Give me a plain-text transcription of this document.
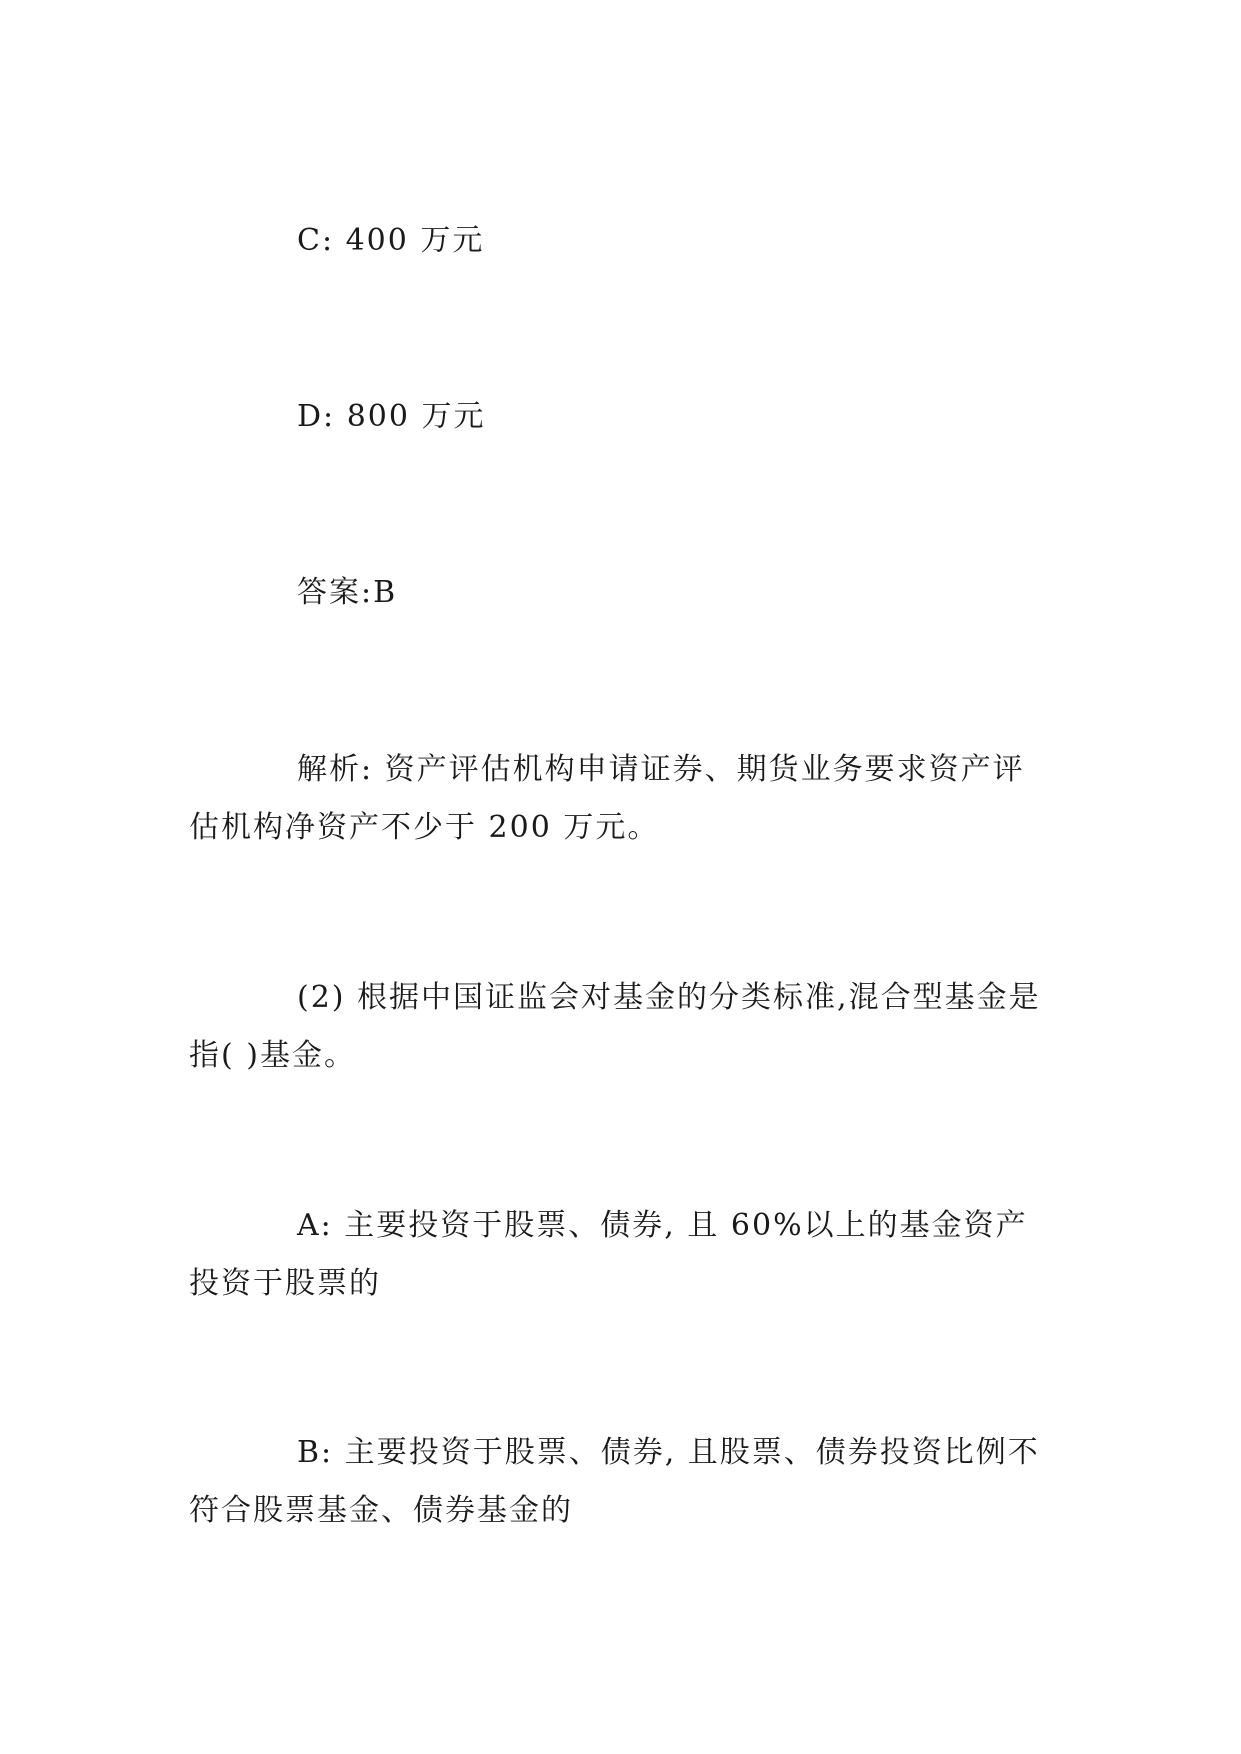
C: 400 万元

D: 800 万元

答案:B

解析: 资产评估机构申请证券、期货业务要求资产评估机构净资产不少于 200 万元。

(2) 根据中国证监会对基金的分类标准,混合型基金是指( )基金。

A: 主要投资于股票、债券, 且 60%以上的基金资产投资于股票的

B: 主要投资于股票、债券, 且股票、债券投资比例不符合股票基金、债券基金的
